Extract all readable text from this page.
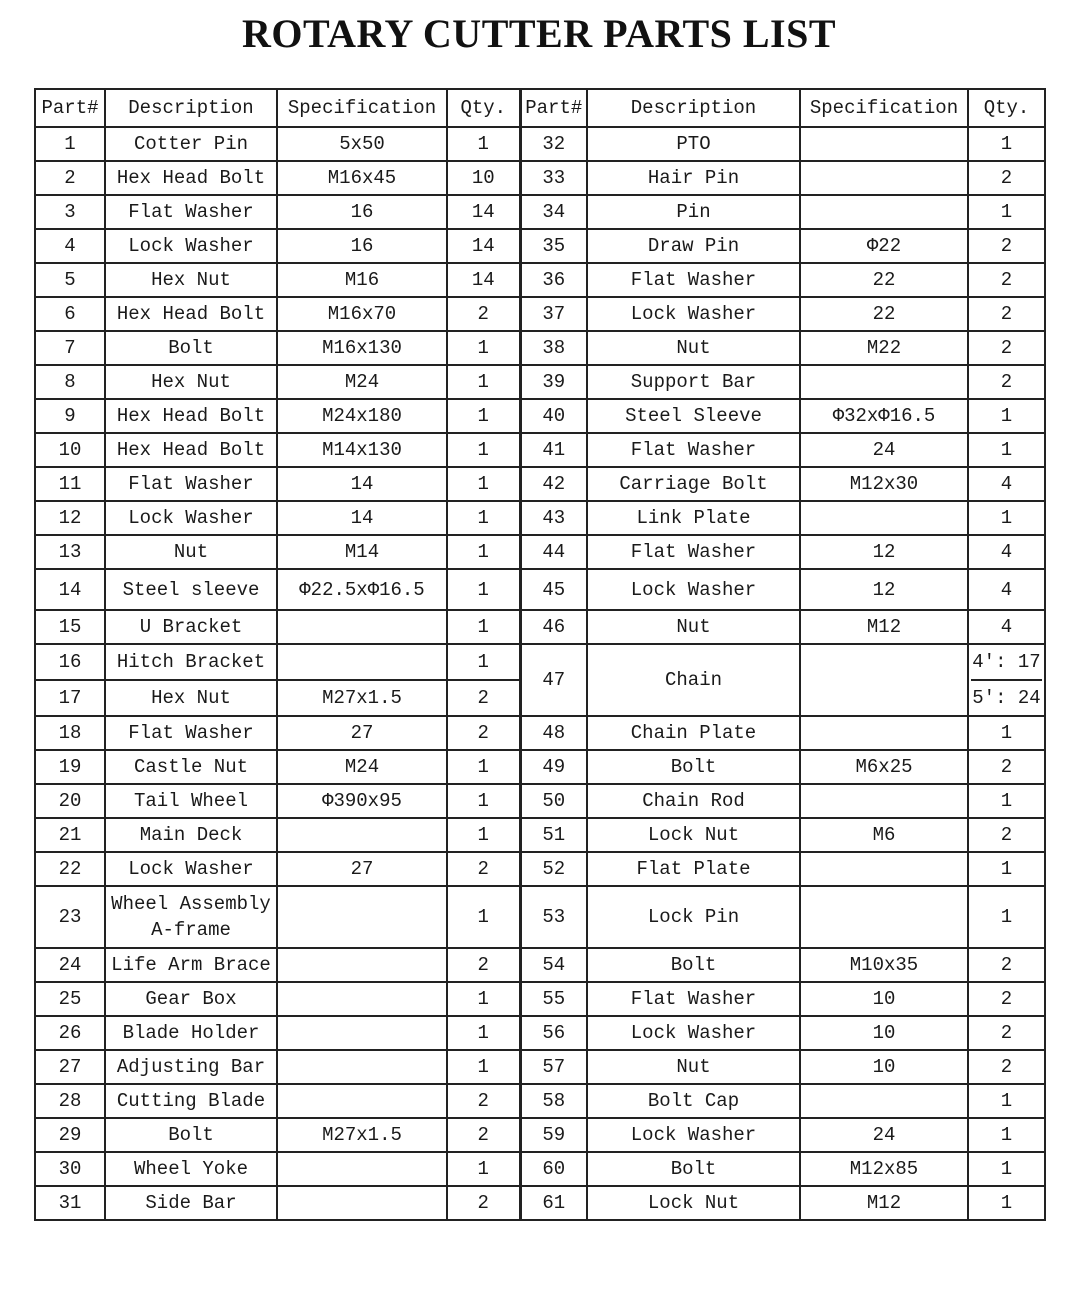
ROTARY CUTTER PARTS LIST
Part#	Description	Specification	Qty.	Part#	Description	Specification	Qty.
1	Cotter Pin	5x50	1	32	PTO		1
2	Hex Head Bolt	M16x45	10	33	Hair Pin		2
3	Flat Washer	16	14	34	Pin		1
4	Lock Washer	16	14	35	Draw Pin	Φ22	2
5	Hex Nut	M16	14	36	Flat Washer	22	2
6	Hex Head Bolt	M16x70	2	37	Lock Washer	22	2
7	Bolt	M16x130	1	38	Nut	M22	2
8	Hex Nut	M24	1	39	Support Bar		2
9	Hex Head Bolt	M24x180	1	40	Steel Sleeve	Φ32xΦ16.5	1
10	Hex Head Bolt	M14x130	1	41	Flat Washer	24	1
11	Flat Washer	14	1	42	Carriage Bolt	M12x30	4
12	Lock Washer	14	1	43	Link Plate		1
13	Nut	M14	1	44	Flat Washer	12	4
14	Steel sleeve	Φ22.5xΦ16.5	1	45	Lock Washer	12	4
15	U Bracket		1	46	Nut	M12	4
16	Hitch Bracket		1	47	Chain		4': 17
5': 24

17	Hex Nut	M27x1.5	2				
18	Flat Washer	27	2	48	Chain Plate		1
19	Castle Nut	M24	1	49	Bolt	M6x25	2
20	Tail Wheel	Φ390x95	1	50	Chain Rod		1
21	Main Deck		1	51	Lock Nut	M6	2
22	Lock Washer	27	2	52	Flat Plate		1
23	Wheel Assembly A-frame		1	53	Lock Pin		1
24	Life Arm Brace		2	54	Bolt	M10x35	2
25	Gear Box		1	55	Flat Washer	10	2
26	Blade Holder		1	56	Lock Washer	10	2
27	Adjusting Bar		1	57	Nut	10	2
28	Cutting Blade		2	58	Bolt Cap		1
29	Bolt	M27x1.5	2	59	Lock Washer	24	1
30	Wheel Yoke		1	60	Bolt	M12x85	1
31	Side Bar		2	61	Lock Nut	M12	1
